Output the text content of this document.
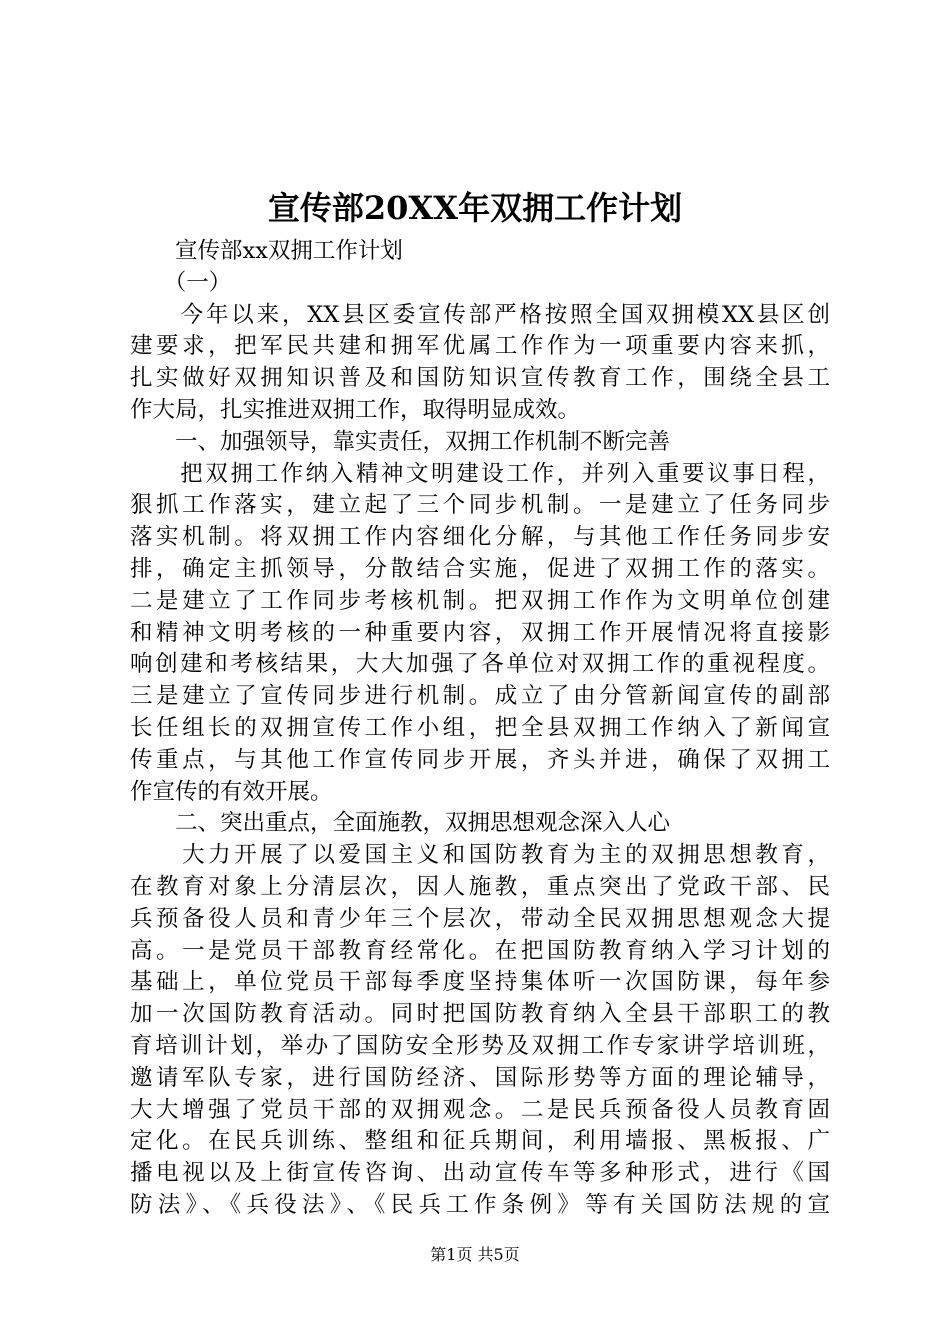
宣传部20XX年双拥工作计划
　　宣传部xx双拥工作计划
　　（一）
　　今年以来，XX县区委宣传部严格按照全国双拥模XX县区创
建要求，把军民共建和拥军优属工作作为一项重要内容来抓，
扎实做好双拥知识普及和国防知识宣传教育工作，围绕全县工
作大局，扎实推进双拥工作，取得明显成效。
　　一、加强领导，靠实责任，双拥工作机制不断完善
　　把双拥工作纳入精神文明建设工作，并列入重要议事日程，
狠抓工作落实，建立起了三个同步机制。一是建立了任务同步
落实机制。将双拥工作内容细化分解，与其他工作任务同步安
排，确定主抓领导，分散结合实施，促进了双拥工作的落实。
二是建立了工作同步考核机制。把双拥工作作为文明单位创建
和精神文明考核的一种重要内容，双拥工作开展情况将直接影
响创建和考核结果，大大加强了各单位对双拥工作的重视程度。
三是建立了宣传同步进行机制。成立了由分管新闻宣传的副部
长任组长的双拥宣传工作小组，把全县双拥工作纳入了新闻宣
传重点，与其他工作宣传同步开展，齐头并进，确保了双拥工
作宣传的有效开展。
　　二、突出重点，全面施教，双拥思想观念深入人心
　　大力开展了以爱国主义和国防教育为主的双拥思想教育，
在教育对象上分清层次，因人施教，重点突出了党政干部、民
兵预备役人员和青少年三个层次，带动全民双拥思想观念大提
高。一是党员干部教育经常化。在把国防教育纳入学习计划的
基础上，单位党员干部每季度坚持集体听一次国防课，每年参
加一次国防教育活动。同时把国防教育纳入全县干部职工的教
育培训计划，举办了国防安全形势及双拥工作专家讲学培训班，
邀请军队专家，进行国防经济、国际形势等方面的理论辅导，
大大增强了党员干部的双拥观念。二是民兵预备役人员教育固
定化。在民兵训练、整组和征兵期间，利用墙报、黑板报、广
播电视以及上街宣传咨询、出动宣传车等多种形式，进行《国
防法》、《兵役法》、《民兵工作条例》等有关国防法规的宣
第1页 共5页
